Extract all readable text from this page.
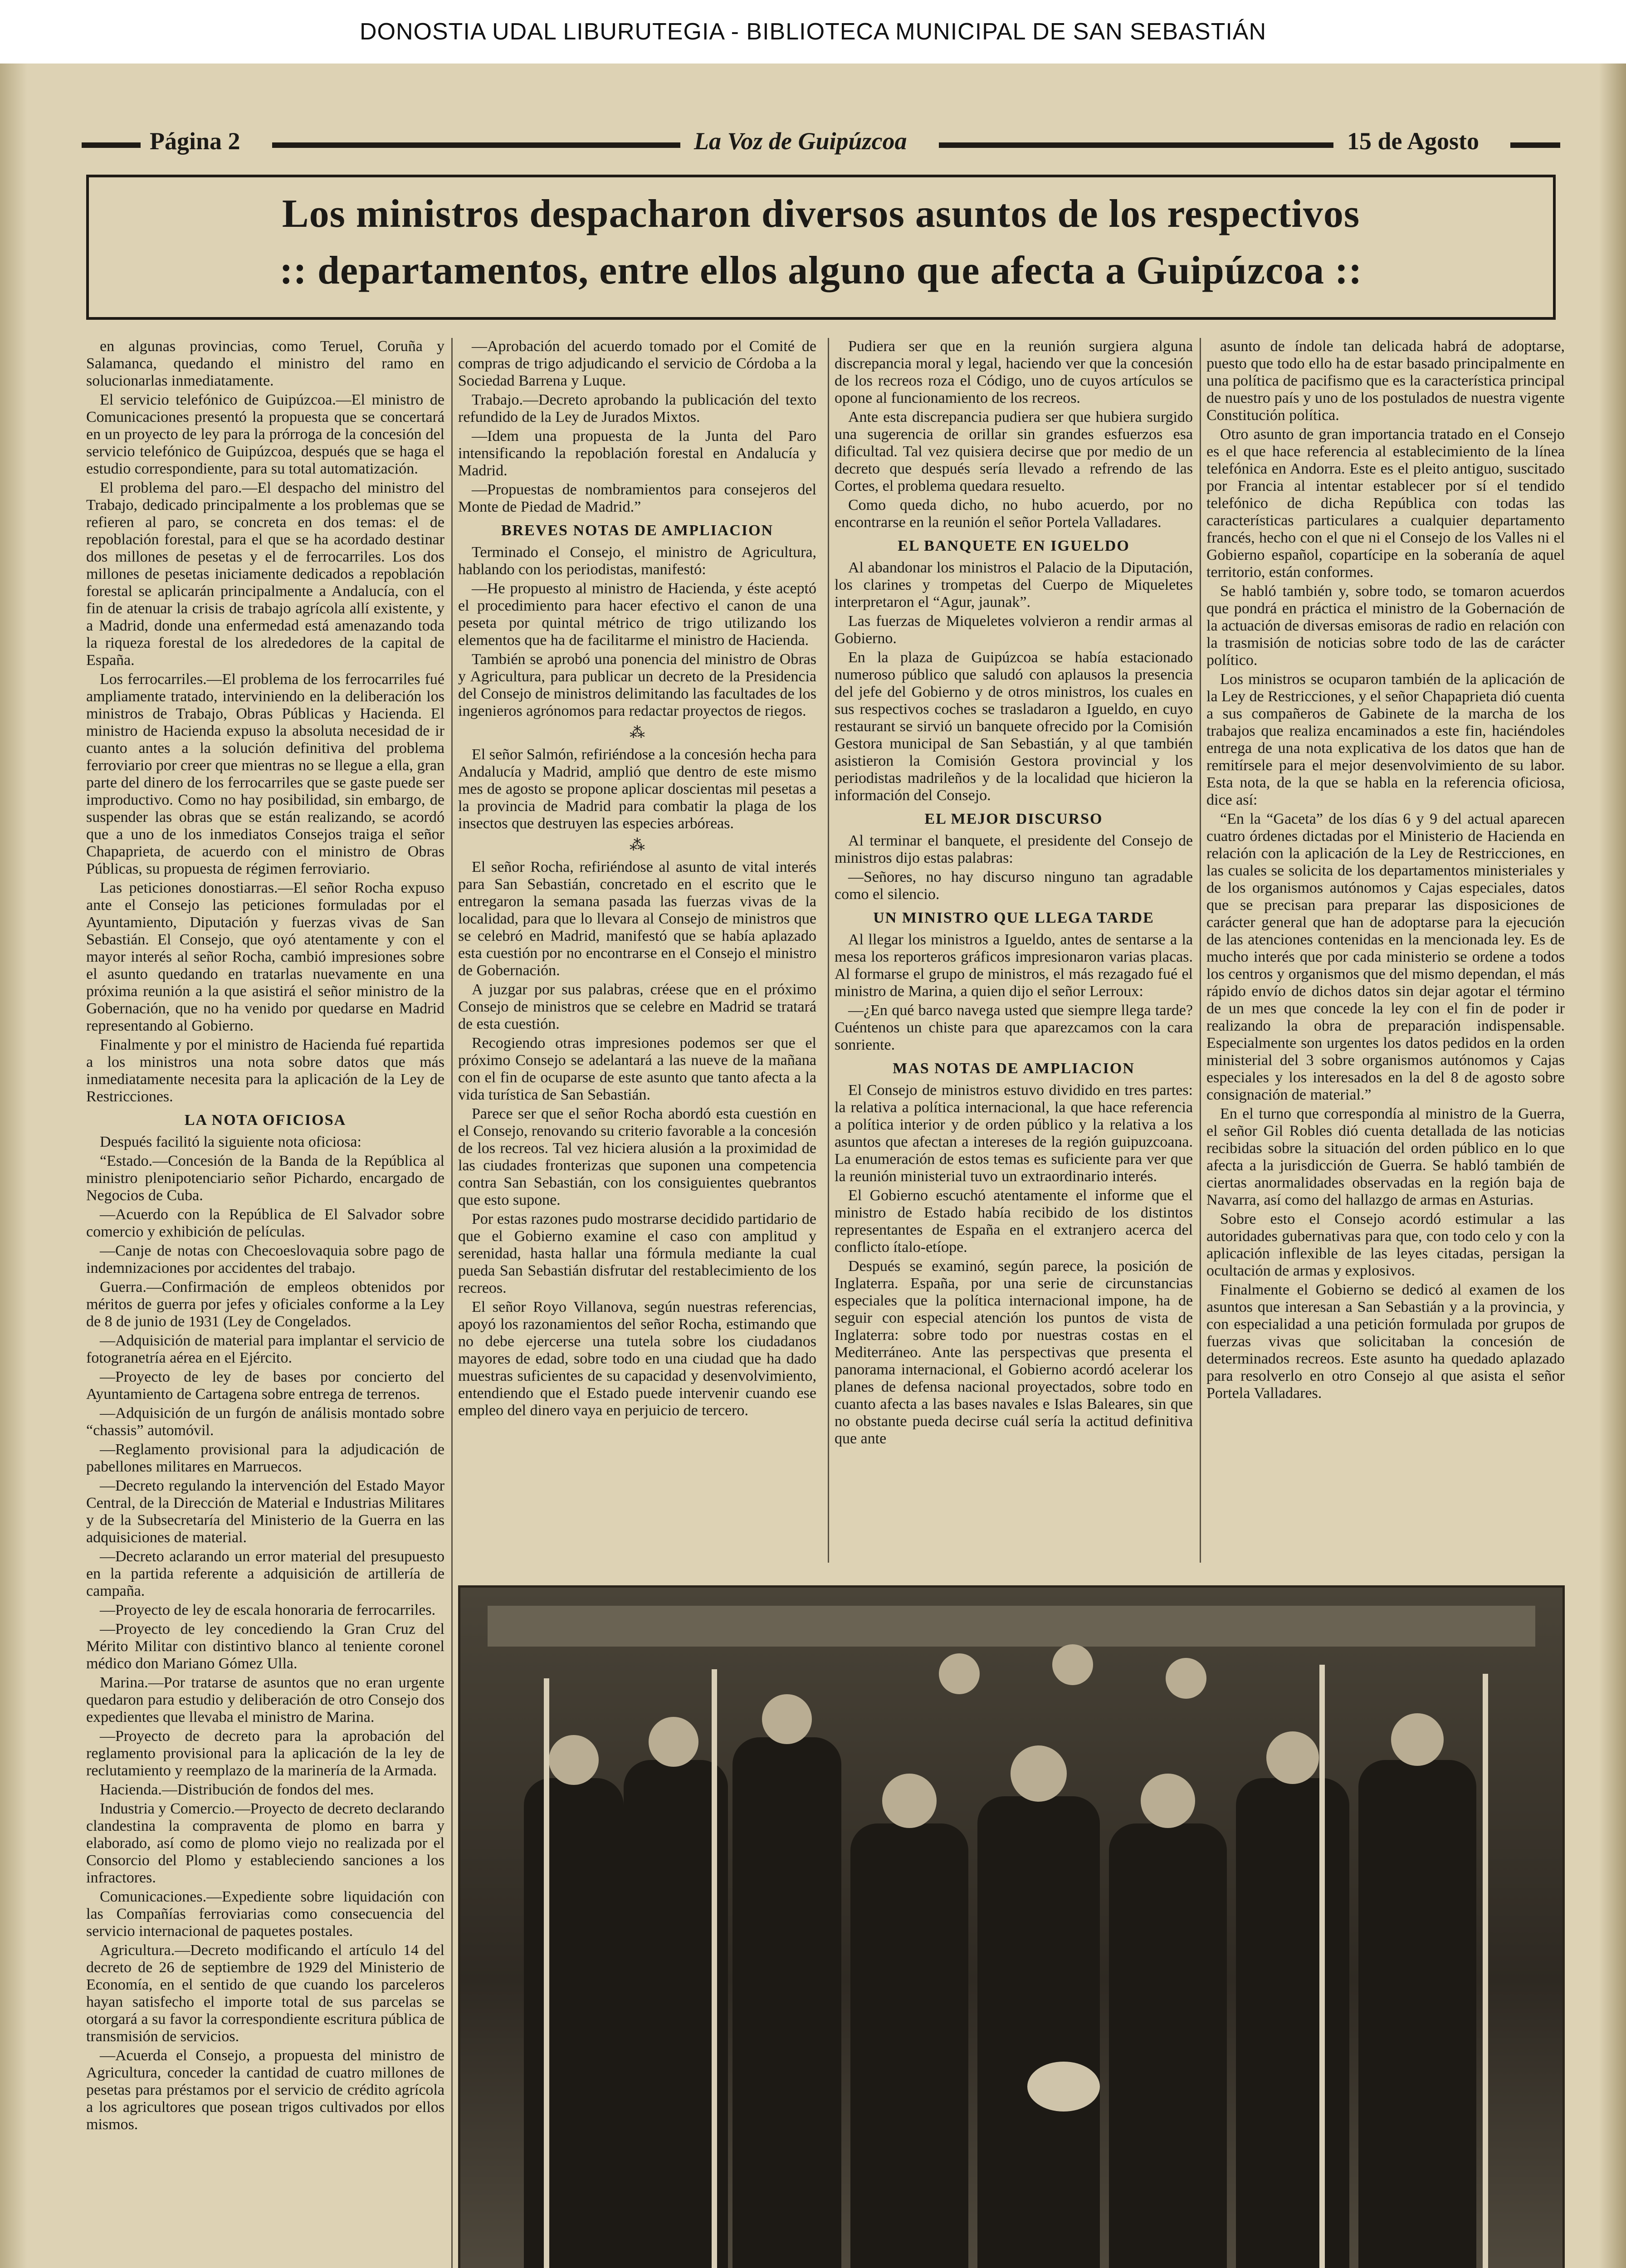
DONOSTIA UDAL LIBURUTEGIA - BIBLIOTECA MUNICIPAL DE SAN SEBASTIÁN
Página 2	La Voz de Guipúzcoa	15 de Agosto
Los ministros despacharon diversos asuntos de los respectivos
:: departamentos, entre ellos alguno que afecta a Guipúzcoa ::

en algunas provincias, como Teruel, Coruña y Salamanca, quedando el ministro del ramo en solucionarlas inmediatamente.

El servicio telefónico de Guipúzcoa.—El ministro de Comunicaciones presentó la propuesta que se concertará en un proyecto de ley para la prórroga de la concesión del servicio telefónico de Guipúzcoa, después que se haga el estudio correspondiente, para su total automatización.

El problema del paro.—El despacho del ministro del Trabajo, dedicado principalmente a los problemas que se refieren al paro, se concreta en dos temas: el de repoblación forestal, para el que se ha acordado destinar dos millones de pesetas y el de ferrocarriles. Los dos millones de pesetas iniciamente dedicados a repoblación forestal se aplicarán principalmente a Andalucía, con el fin de atenuar la crisis de trabajo agrícola allí existente, y a Madrid, donde una enfermedad está amenazando toda la riqueza forestal de los alrededores de la capital de España.

Los ferrocarriles.—El problema de los ferrocarriles fué ampliamente tratado, interviniendo en la deliberación los ministros de Trabajo, Obras Públicas y Hacienda. El ministro de Hacienda expuso la absoluta necesidad de ir cuanto antes a la solución definitiva del problema ferroviario por creer que mientras no se llegue a ella, gran parte del dinero de los ferrocarriles que se gaste puede ser improductivo. Como no hay posibilidad, sin embargo, de suspender las obras que se están realizando, se acordó que a uno de los inmediatos Consejos traiga el señor Chapaprieta, de acuerdo con el ministro de Obras Públicas, su propuesta de régimen ferroviario.

Las peticiones donostiarras.—El señor Rocha expuso ante el Consejo las peticiones formuladas por el Ayuntamiento, Diputación y fuerzas vivas de San Sebastián. El Consejo, que oyó atentamente y con el mayor interés al señor Rocha, cambió impresiones sobre el asunto quedando en tratarlas nuevamente en una próxima reunión a la que asistirá el señor ministro de la Gobernación, que no ha venido por quedarse en Madrid representando al Gobierno.

Finalmente y por el ministro de Hacienda fué repartida a los ministros una nota sobre datos que más inmediatamente necesita para la aplicación de la Ley de Restricciones.

LA NOTA OFICIOSA

Después facilitó la siguiente nota oficiosa:

“Estado.—Concesión de la Banda de la República al ministro plenipotenciario señor Pichardo, encargado de Negocios de Cuba.

—Acuerdo con la República de El Salvador sobre comercio y exhibición de películas.

—Canje de notas con Checoeslovaquia sobre pago de indemnizaciones por accidentes del trabajo.

Guerra.—Confirmación de empleos obtenidos por méritos de guerra por jefes y oficiales conforme a la Ley de 8 de junio de 1931 (Ley de Congelados.

—Adquisición de material para implantar el servicio de fotogranetría aérea en el Ejército.

—Proyecto de ley de bases por concierto del Ayuntamiento de Cartagena sobre entrega de terrenos.

—Adquisición de un furgón de análisis montado sobre “chassis” automóvil.

—Reglamento provisional para la adjudicación de pabellones militares en Marruecos.

—Decreto regulando la intervención del Estado Mayor Central, de la Dirección de Material e Industrias Militares y de la Subsecretaría del Ministerio de la Guerra en las adquisiciones de material.

—Decreto aclarando un error material del presupuesto en la partida referente a adquisición de artillería de campaña.

—Proyecto de ley de escala honoraria de ferrocarriles.

—Proyecto de ley concediendo la Gran Cruz del Mérito Militar con distintivo blanco al teniente coronel médico don Mariano Gómez Ulla.

Marina.—Por tratarse de asuntos que no eran urgente quedaron para estudio y deliberación de otro Consejo dos expedientes que llevaba el ministro de Marina.

—Proyecto de decreto para la aprobación del reglamento provisional para la aplicación de la ley de reclutamiento y reemplazo de la marinería de la Armada.

Hacienda.—Distribución de fondos del mes.

Industria y Comercio.—Proyecto de decreto declarando clandestina la compraventa de plomo en barra y elaborado, así como de plomo viejo no realizada por el Consorcio del Plomo y estableciendo sanciones a los infractores.

Comunicaciones.—Expediente sobre liquidación con las Compañías ferroviarias como consecuencia del servicio internacional de paquetes postales.

Agricultura.—Decreto modificando el artículo 14 del decreto de 26 de septiembre de 1929 del Ministerio de Economía, en el sentido de que cuando los parceleros hayan satisfecho el importe total de sus parcelas se otorgará a su favor la correspondiente escritura pública de transmisión de servicios.

—Acuerda el Consejo, a propuesta del ministro de Agricultura, conceder la cantidad de cuatro millones de pesetas para préstamos por el servicio de crédito agrícola a los agricultores que posean trigos cultivados por ellos mismos.

—Aprobación del acuerdo tomado por el Comité de compras de trigo adjudicando el servicio de Córdoba a la Sociedad Barrena y Luque.

Trabajo.—Decreto aprobando la publicación del texto refundido de la Ley de Jurados Mixtos.

—Idem una propuesta de la Junta del Paro intensificando la repoblación forestal en Andalucía y Madrid.

—Propuestas de nombramientos para consejeros del Monte de Piedad de Madrid.”

BREVES NOTAS DE AMPLIACION

Terminado el Consejo, el ministro de Agricultura, hablando con los periodistas, manifestó:

—He propuesto al ministro de Hacienda, y éste aceptó el procedimiento para hacer efectivo el canon de una peseta por quintal métrico de trigo utilizando los elementos que ha de facilitarme el ministro de Hacienda.

También se aprobó una ponencia del ministro de Obras y Agricultura, para publicar un decreto de la Presidencia del Consejo de ministros delimitando las facultades de los ingenieros agrónomos para redactar proyectos de riegos.

⁂

El señor Salmón, refiriéndose a la concesión hecha para Andalucía y Madrid, amplió que dentro de este mismo mes de agosto se propone aplicar doscientas mil pesetas a la provincia de Madrid para combatir la plaga de los insectos que destruyen las especies arbóreas.

⁂

El señor Rocha, refiriéndose al asunto de vital interés para San Sebastián, concretado en el escrito que le entregaron la semana pasada las fuerzas vivas de la localidad, para que lo llevara al Consejo de ministros que se celebró en Madrid, manifestó que se había aplazado esta cuestión por no encontrarse en el Consejo el ministro de Gobernación.

A juzgar por sus palabras, créese que en el próximo Consejo de ministros que se celebre en Madrid se tratará de esta cuestión.

Recogiendo otras impresiones podemos ser que el próximo Consejo se adelantará a las nueve de la mañana con el fin de ocuparse de este asunto que tanto afecta a la vida turística de San Sebastián.

Parece ser que el señor Rocha abordó esta cuestión en el Consejo, renovando su criterio favorable a la concesión de los recreos. Tal vez hiciera alusión a la proximidad de las ciudades fronterizas que suponen una competencia contra San Sebastián, con los consiguientes quebrantos que esto supone.

Por estas razones pudo mostrarse decidido partidario de que el Gobierno examine el caso con amplitud y serenidad, hasta hallar una fórmula mediante la cual pueda San Sebastián disfrutar del restablecimiento de los recreos.

El señor Royo Villanova, según nuestras referencias, apoyó los razonamientos del señor Rocha, estimando que no debe ejercerse una tutela sobre los ciudadanos mayores de edad, sobre todo en una ciudad que ha dado muestras suficientes de su capacidad y desenvolvimiento, entendiendo que el Estado puede intervenir cuando ese empleo del dinero vaya en perjuicio de tercero.

Pudiera ser que en la reunión surgiera alguna discrepancia moral y legal, haciendo ver que la concesión de los recreos roza el Código, uno de cuyos artículos se opone al funcionamiento de los recreos.

Ante esta discrepancia pudiera ser que hubiera surgido una sugerencia de orillar sin grandes esfuerzos esa dificultad. Tal vez quisiera decirse que por medio de un decreto que después sería llevado a refrendo de las Cortes, el problema quedara resuelto.

Como queda dicho, no hubo acuerdo, por no encontrarse en la reunión el señor Portela Valladares.

EL BANQUETE EN IGUELDO

Al abandonar los ministros el Palacio de la Diputación, los clarines y trompetas del Cuerpo de Miqueletes interpretaron el “Agur, jaunak”.

Las fuerzas de Miqueletes volvieron a rendir armas al Gobierno.

En la plaza de Guipúzcoa se había estacionado numeroso público que saludó con aplausos la presencia del jefe del Gobierno y de otros ministros, los cuales en sus respectivos coches se trasladaron a Igueldo, en cuyo restaurant se sirvió un banquete ofrecido por la Comisión Gestora municipal de San Sebastián, y al que también asistieron la Comisión Gestora provincial y los periodistas madrileños y de la localidad que hicieron la información del Consejo.

EL MEJOR DISCURSO

Al terminar el banquete, el presidente del Consejo de ministros dijo estas palabras:

—Señores, no hay discurso ninguno tan agradable como el silencio.

UN MINISTRO QUE LLEGA TARDE

Al llegar los ministros a Igueldo, antes de sentarse a la mesa los reporteros gráficos impresionaron varias placas. Al formarse el grupo de ministros, el más rezagado fué el ministro de Marina, a quien dijo el señor Lerroux:

—¿En qué barco navega usted que siempre llega tarde? Cuéntenos un chiste para que aparezcamos con la cara sonriente.

MAS NOTAS DE AMPLIACION

El Consejo de ministros estuvo dividido en tres partes: la relativa a política internacional, la que hace referencia a política interior y de orden público y la relativa a los asuntos que afectan a intereses de la región guipuzcoana. La enumeración de estos temas es suficiente para ver que la reunión ministerial tuvo un extraordinario interés.

El Gobierno escuchó atentamente el informe que el ministro de Estado había recibido de los distintos representantes de España en el extranjero acerca del conflicto ítalo-etíope.

Después se examinó, según parece, la posición de Inglaterra. España, por una serie de circunstancias especiales que la política internacional impone, ha de seguir con especial atención los puntos de vista de Inglaterra: sobre todo por nuestras costas en el Mediterráneo. Ante las perspectivas que presenta el panorama internacional, el Gobierno acordó acelerar los planes de defensa nacional proyectados, sobre todo en cuanto afecta a las bases navales e Islas Baleares, sin que no obstante pueda decirse cuál sería la actitud definitiva que ante

asunto de índole tan delicada habrá de adoptarse, puesto que todo ello ha de estar basado principalmente en una política de pacifismo que es la característica principal de nuestro país y uno de los postulados de nuestra vigente Constitución política.

Otro asunto de gran importancia tratado en el Consejo es el que hace referencia al establecimiento de la línea telefónica en Andorra. Este es el pleito antiguo, suscitado por Francia al intentar establecer por sí el tendido telefónico de dicha República con todas las características particulares a cualquier departamento francés, hecho con el que ni el Consejo de los Valles ni el Gobierno español, copartícipe en la soberanía de aquel territorio, están conformes.

Se habló también y, sobre todo, se tomaron acuerdos que pondrá en práctica el ministro de la Gobernación de la actuación de diversas emisoras de radio en relación con la trasmisión de noticias sobre todo de las de carácter político.

Los ministros se ocuparon también de la aplicación de la Ley de Restricciones, y el señor Chapaprieta dió cuenta a sus compañeros de Gabinete de la marcha de los trabajos que realiza encaminados a este fin, haciéndoles entrega de una nota explicativa de los datos que han de remitírsele para el mejor desenvolvimiento de su labor. Esta nota, de la que se habla en la referencia oficiosa, dice así:

“En la “Gaceta” de los días 6 y 9 del actual aparecen cuatro órdenes dictadas por el Ministerio de Hacienda en relación con la aplicación de la Ley de Restricciones, en las cuales se solicita de los departamentos ministeriales y de los organismos autónomos y Cajas especiales, datos que se precisan para preparar las disposiciones de carácter general que han de adoptarse para la ejecución de las atenciones contenidas en la mencionada ley. Es de mucho interés que por cada ministerio se ordene a todos los centros y organismos que del mismo dependan, el más rápido envío de dichos datos sin dejar agotar el término de un mes que concede la ley con el fin de poder ir realizando la obra de preparación indispensable. Especialmente son urgentes los datos pedidos en la orden ministerial del 3 sobre organismos autónomos y Cajas especiales y los interesados en la del 8 de agosto sobre consignación de material.”

En el turno que correspondía al ministro de la Guerra, el señor Gil Robles dió cuenta detallada de las noticias recibidas sobre la situación del orden público en lo que afecta a la jurisdicción de Guerra. Se habló también de ciertas anormalidades observadas en la región baja de Navarra, así como del hallazgo de armas en Asturias.

Sobre esto el Consejo acordó estimular a las autoridades gubernativas para que, con todo celo y con la aplicación inflexible de las leyes citadas, persigan la ocultación de armas y explosivos.

Finalmente el Gobierno se dedicó al examen de los asuntos que interesan a San Sebastián y a la provincia, y con especialidad a una petición formulada por grupos de fuerzas vivas que solicitaban la concesión de determinados recreos. Este asunto ha quedado aplazado para resolverlo en otro Consejo al que asista el señor Portela Valladares.
